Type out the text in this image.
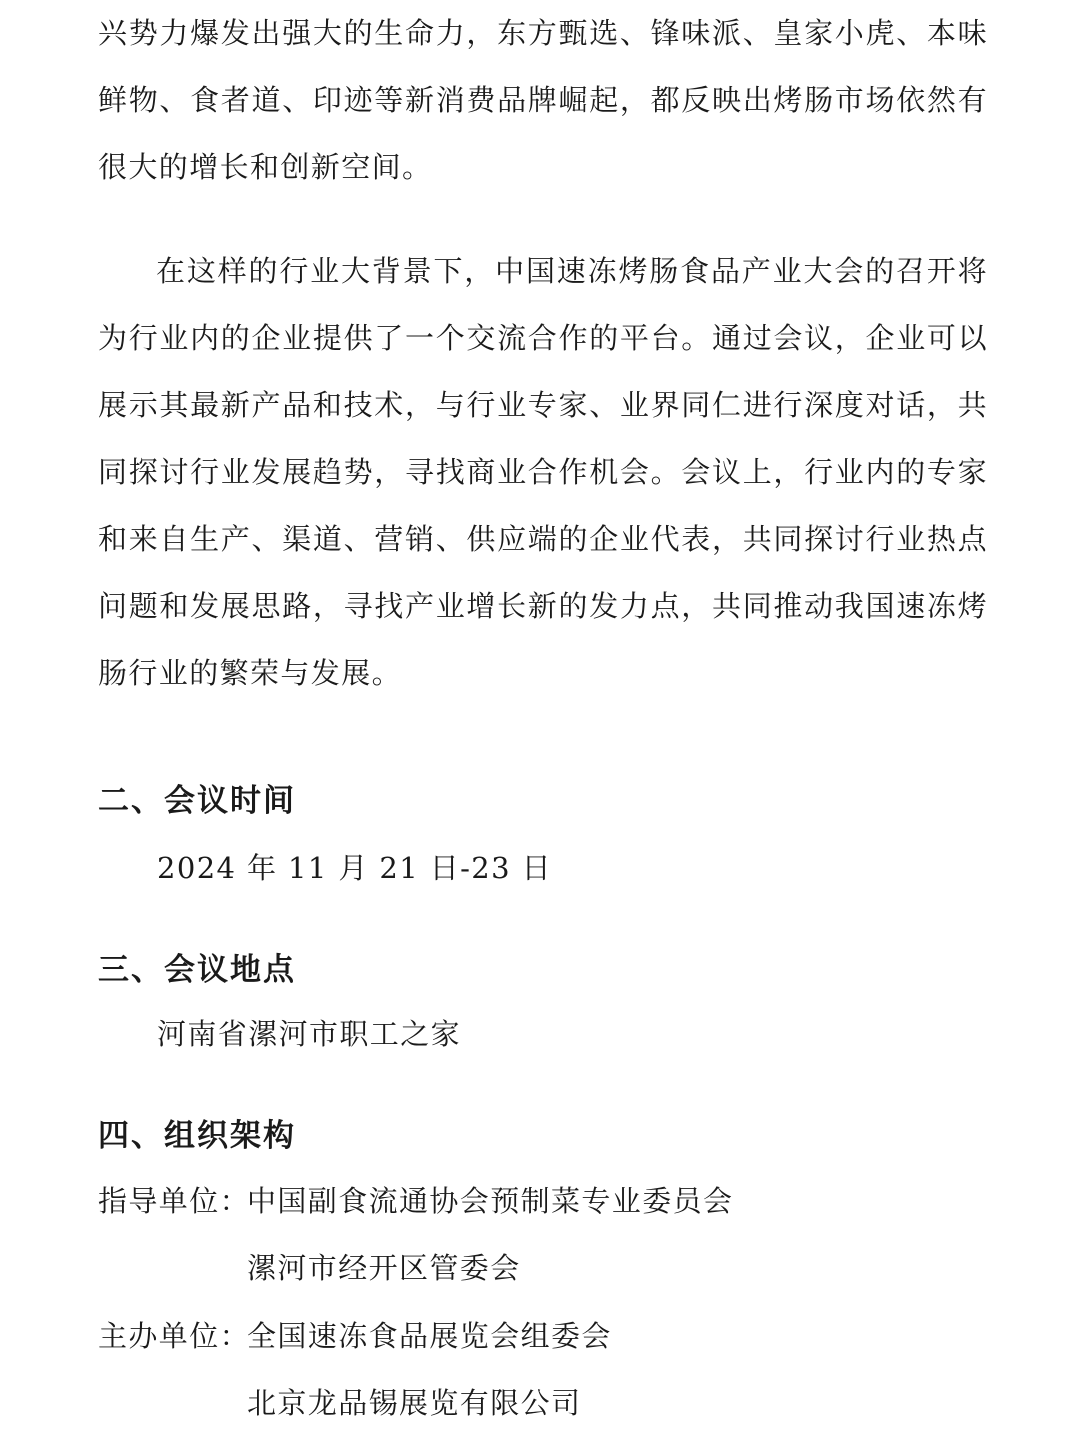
兴势力爆发出强大的生命力，东方甄选、锋味派、皇家小虎、本味鲜物、食者道、印迹等新消费品牌崛起，都反映出烤肠市场依然有很大的增长和创新空间。

在这样的行业大背景下，中国速冻烤肠食品产业大会的召开将为行业内的企业提供了一个交流合作的平台。通过会议，企业可以展示其最新产品和技术，与行业专家、业界同仁进行深度对话，共同探讨行业发展趋势，寻找商业合作机会。会议上，行业内的专家和来自生产、渠道、营销、供应端的企业代表，共同探讨行业热点问题和发展思路，寻找产业增长新的发力点，共同推动我国速冻烤肠行业的繁荣与发展。

二、会议时间

2024 年 11 月 21 日-23 日

三、会议地点

河南省漯河市职工之家

四、组织架构

指导单位：

中国副食流通协会预制菜专业委员会

漯河市经开区管委会

主办单位：

全国速冻食品展览会组委会

北京龙品锡展览有限公司
